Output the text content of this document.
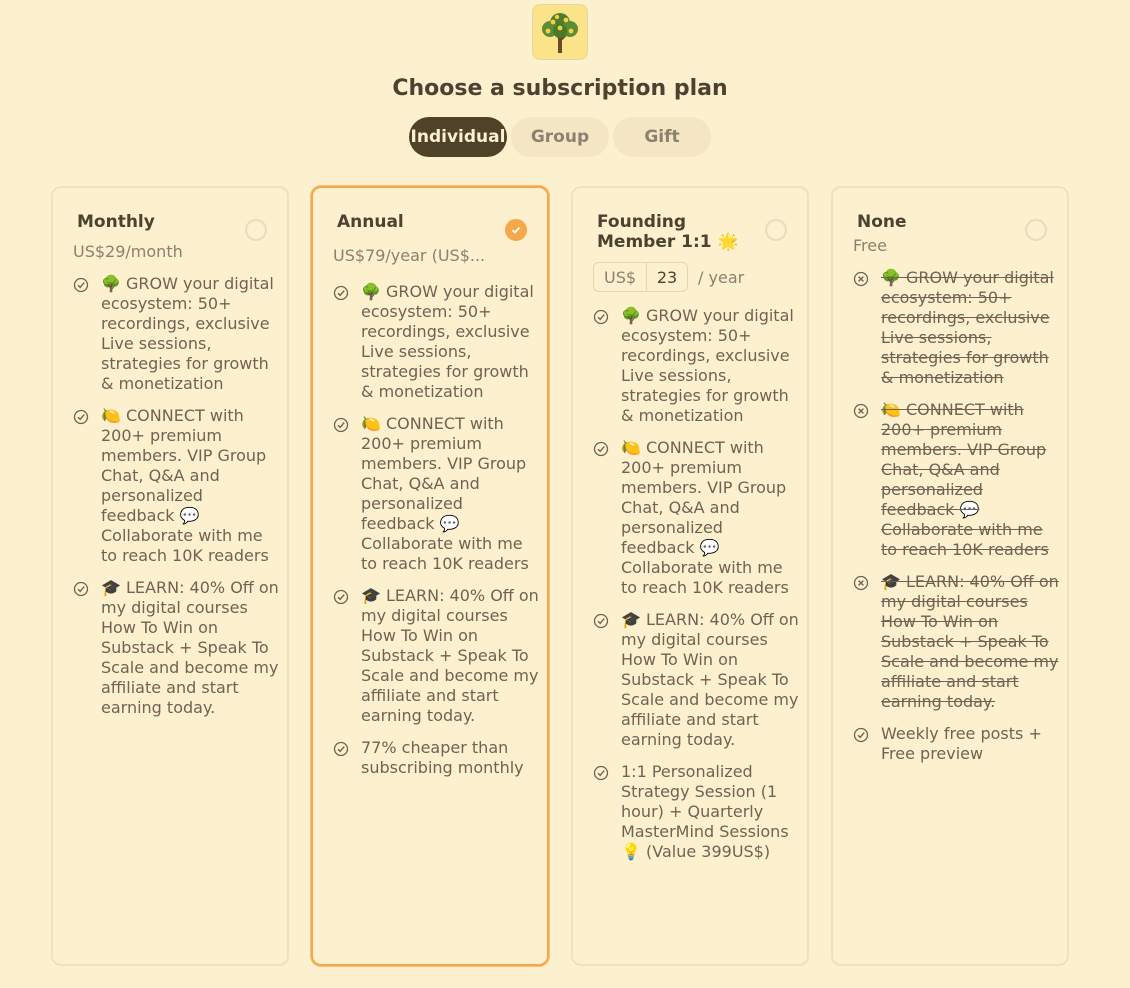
Choose a subscription plan
Individual	Group	Gift
Monthly
US$29/month
🌳 GROW your digital ecosystem: 50+ recordings, exclusive Live sessions, strategies for growth & monetization
🍋 CONNECT with 200+ premium members. VIP Group Chat, Q&A and personalized feedback 💬 Collaborate with me to reach 10K readers
🎓 LEARN: 40% Off on my digital courses How To Win on Substack + Speak To Scale and become my affiliate and start earning today.
Annual
US$79/year (US$...
🌳 GROW your digital ecosystem: 50+ recordings, exclusive Live sessions, strategies for growth & monetization
🍋 CONNECT with 200+ premium members. VIP Group Chat, Q&A and personalized feedback 💬 Collaborate with me to reach 10K readers
🎓 LEARN: 40% Off on my digital courses How To Win on Substack + Speak To Scale and become my affiliate and start earning today.
77% cheaper than subscribing monthly
Founding Member 1:1 🌟
US$	23	/ year
🌳 GROW your digital ecosystem: 50+ recordings, exclusive Live sessions, strategies for growth & monetization
🍋 CONNECT with 200+ premium members. VIP Group Chat, Q&A and personalized feedback 💬 Collaborate with me to reach 10K readers
🎓 LEARN: 40% Off on my digital courses How To Win on Substack + Speak To Scale and become my affiliate and start earning today.
1:1 Personalized Strategy Session (1 hour) + Quarterly MasterMind Sessions 💡 (Value 399US$)
None
Free
🌳 GROW your digital ecosystem: 50+ recordings, exclusive Live sessions, strategies for growth & monetization
🍋 CONNECT with 200+ premium members. VIP Group Chat, Q&A and personalized feedback 💬 Collaborate with me to reach 10K readers
🎓 LEARN: 40% Off on my digital courses How To Win on Substack + Speak To Scale and become my affiliate and start earning today.
Weekly free posts + Free preview
